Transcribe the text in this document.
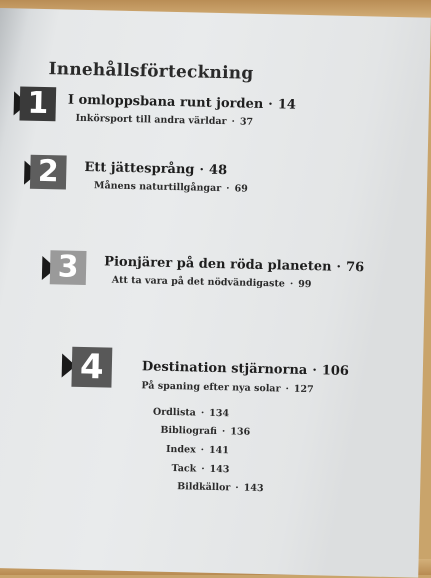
Innehållsförteckning
1	I omloppsbana runt jorden · 14
Inkörsport till andra världar · 37
2	Ett jättesprång · 48
Månens naturtillgångar · 69
3	Pionjärer på den röda planeten · 76
Att ta vara på det nödvändigaste · 99
4	Destination stjärnorna · 106
På spaning efter nya solar · 127
Ordlista · 134
Bibliografi · 136
Index · 141
Tack · 143
Bildkällor · 143
